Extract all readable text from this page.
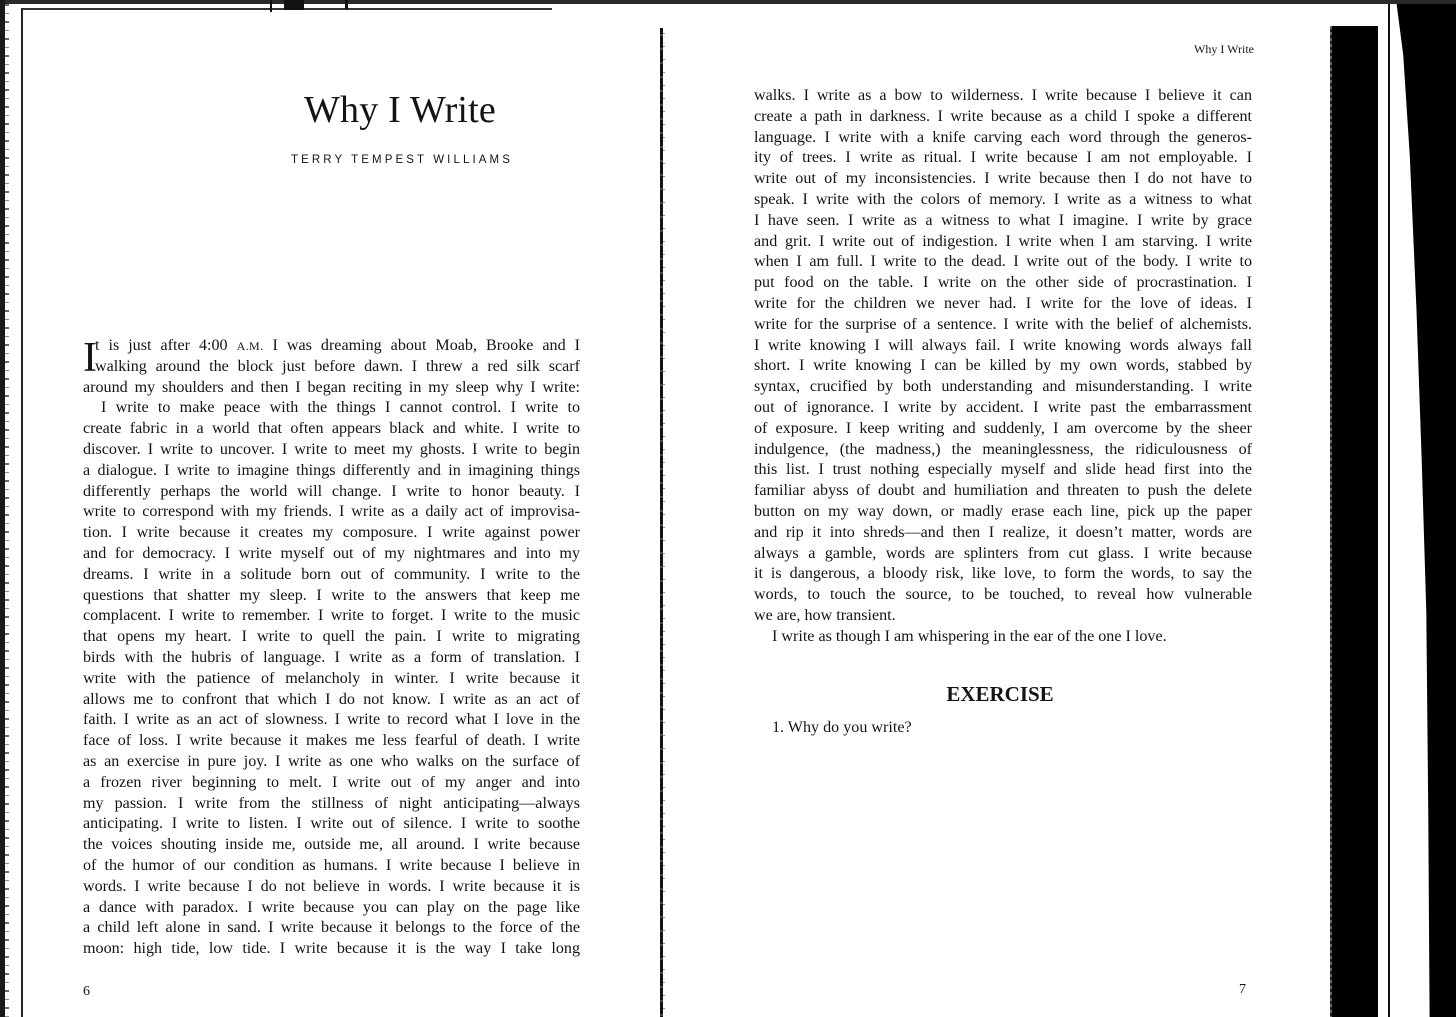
Why I Write
TERRY TEMPEST WILLIAMS
I
t is just after 4:00 A.M. I was dreaming about Moab, Brooke and I
walking around the block just before dawn. I threw a red silk scarf
around my shoulders and then I began reciting in my sleep why I write:
I write to make peace with the things I cannot control. I write to
create fabric in a world that often appears black and white. I write to
discover. I write to uncover. I write to meet my ghosts. I write to begin
a dialogue. I write to imagine things differently and in imagining things
differently perhaps the world will change. I write to honor beauty. I
write to correspond with my friends. I write as a daily act of improvisa-
tion. I write because it creates my composure. I write against power
and for democracy. I write myself out of my nightmares and into my
dreams. I write in a solitude born out of community. I write to the
questions that shatter my sleep. I write to the answers that keep me
complacent. I write to remember. I write to forget. I write to the music
that opens my heart. I write to quell the pain. I write to migrating
birds with the hubris of language. I write as a form of translation. I
write with the patience of melancholy in winter. I write because it
allows me to confront that which I do not know. I write as an act of
faith. I write as an act of slowness. I write to record what I love in the
face of loss. I write because it makes me less fearful of death. I write
as an exercise in pure joy. I write as one who walks on the surface of
a frozen river beginning to melt. I write out of my anger and into
my passion. I write from the stillness of night anticipating—always
anticipating. I write to listen. I write out of silence. I write to soothe
the voices shouting inside me, outside me, all around. I write because
of the humor of our condition as humans. I write because I believe in
words. I write because I do not believe in words. I write because it is
a dance with paradox. I write because you can play on the page like
a child left alone in sand. I write because it belongs to the force of the
moon: high tide, low tide. I write because it is the way I take long
6
Why I Write
walks. I write as a bow to wilderness. I write because I believe it can
create a path in darkness. I write because as a child I spoke a different
language. I write with a knife carving each word through the generos-
ity of trees. I write as ritual. I write because I am not employable. I
write out of my inconsistencies. I write because then I do not have to
speak. I write with the colors of memory. I write as a witness to what
I have seen. I write as a witness to what I imagine. I write by grace
and grit. I write out of indigestion. I write when I am starving. I write
when I am full. I write to the dead. I write out of the body. I write to
put food on the table. I write on the other side of procrastination. I
write for the children we never had. I write for the love of ideas. I
write for the surprise of a sentence. I write with the belief of alchemists.
I write knowing I will always fail. I write knowing words always fall
short. I write knowing I can be killed by my own words, stabbed by
syntax, crucified by both understanding and misunderstanding. I write
out of ignorance. I write by accident. I write past the embarrassment
of exposure. I keep writing and suddenly, I am overcome by the sheer
indulgence, (the madness,) the meaninglessness, the ridiculousness of
this list. I trust nothing especially myself and slide head first into the
familiar abyss of doubt and humiliation and threaten to push the delete
button on my way down, or madly erase each line, pick up the paper
and rip it into shreds—and then I realize, it doesn’t matter, words are
always a gamble, words are splinters from cut glass. I write because
it is dangerous, a bloody risk, like love, to form the words, to say the
words, to touch the source, to be touched, to reveal how vulnerable
we are, how transient.
I write as though I am whispering in the ear of the one I love.
EXERCISE
1. Why do you write?
7
